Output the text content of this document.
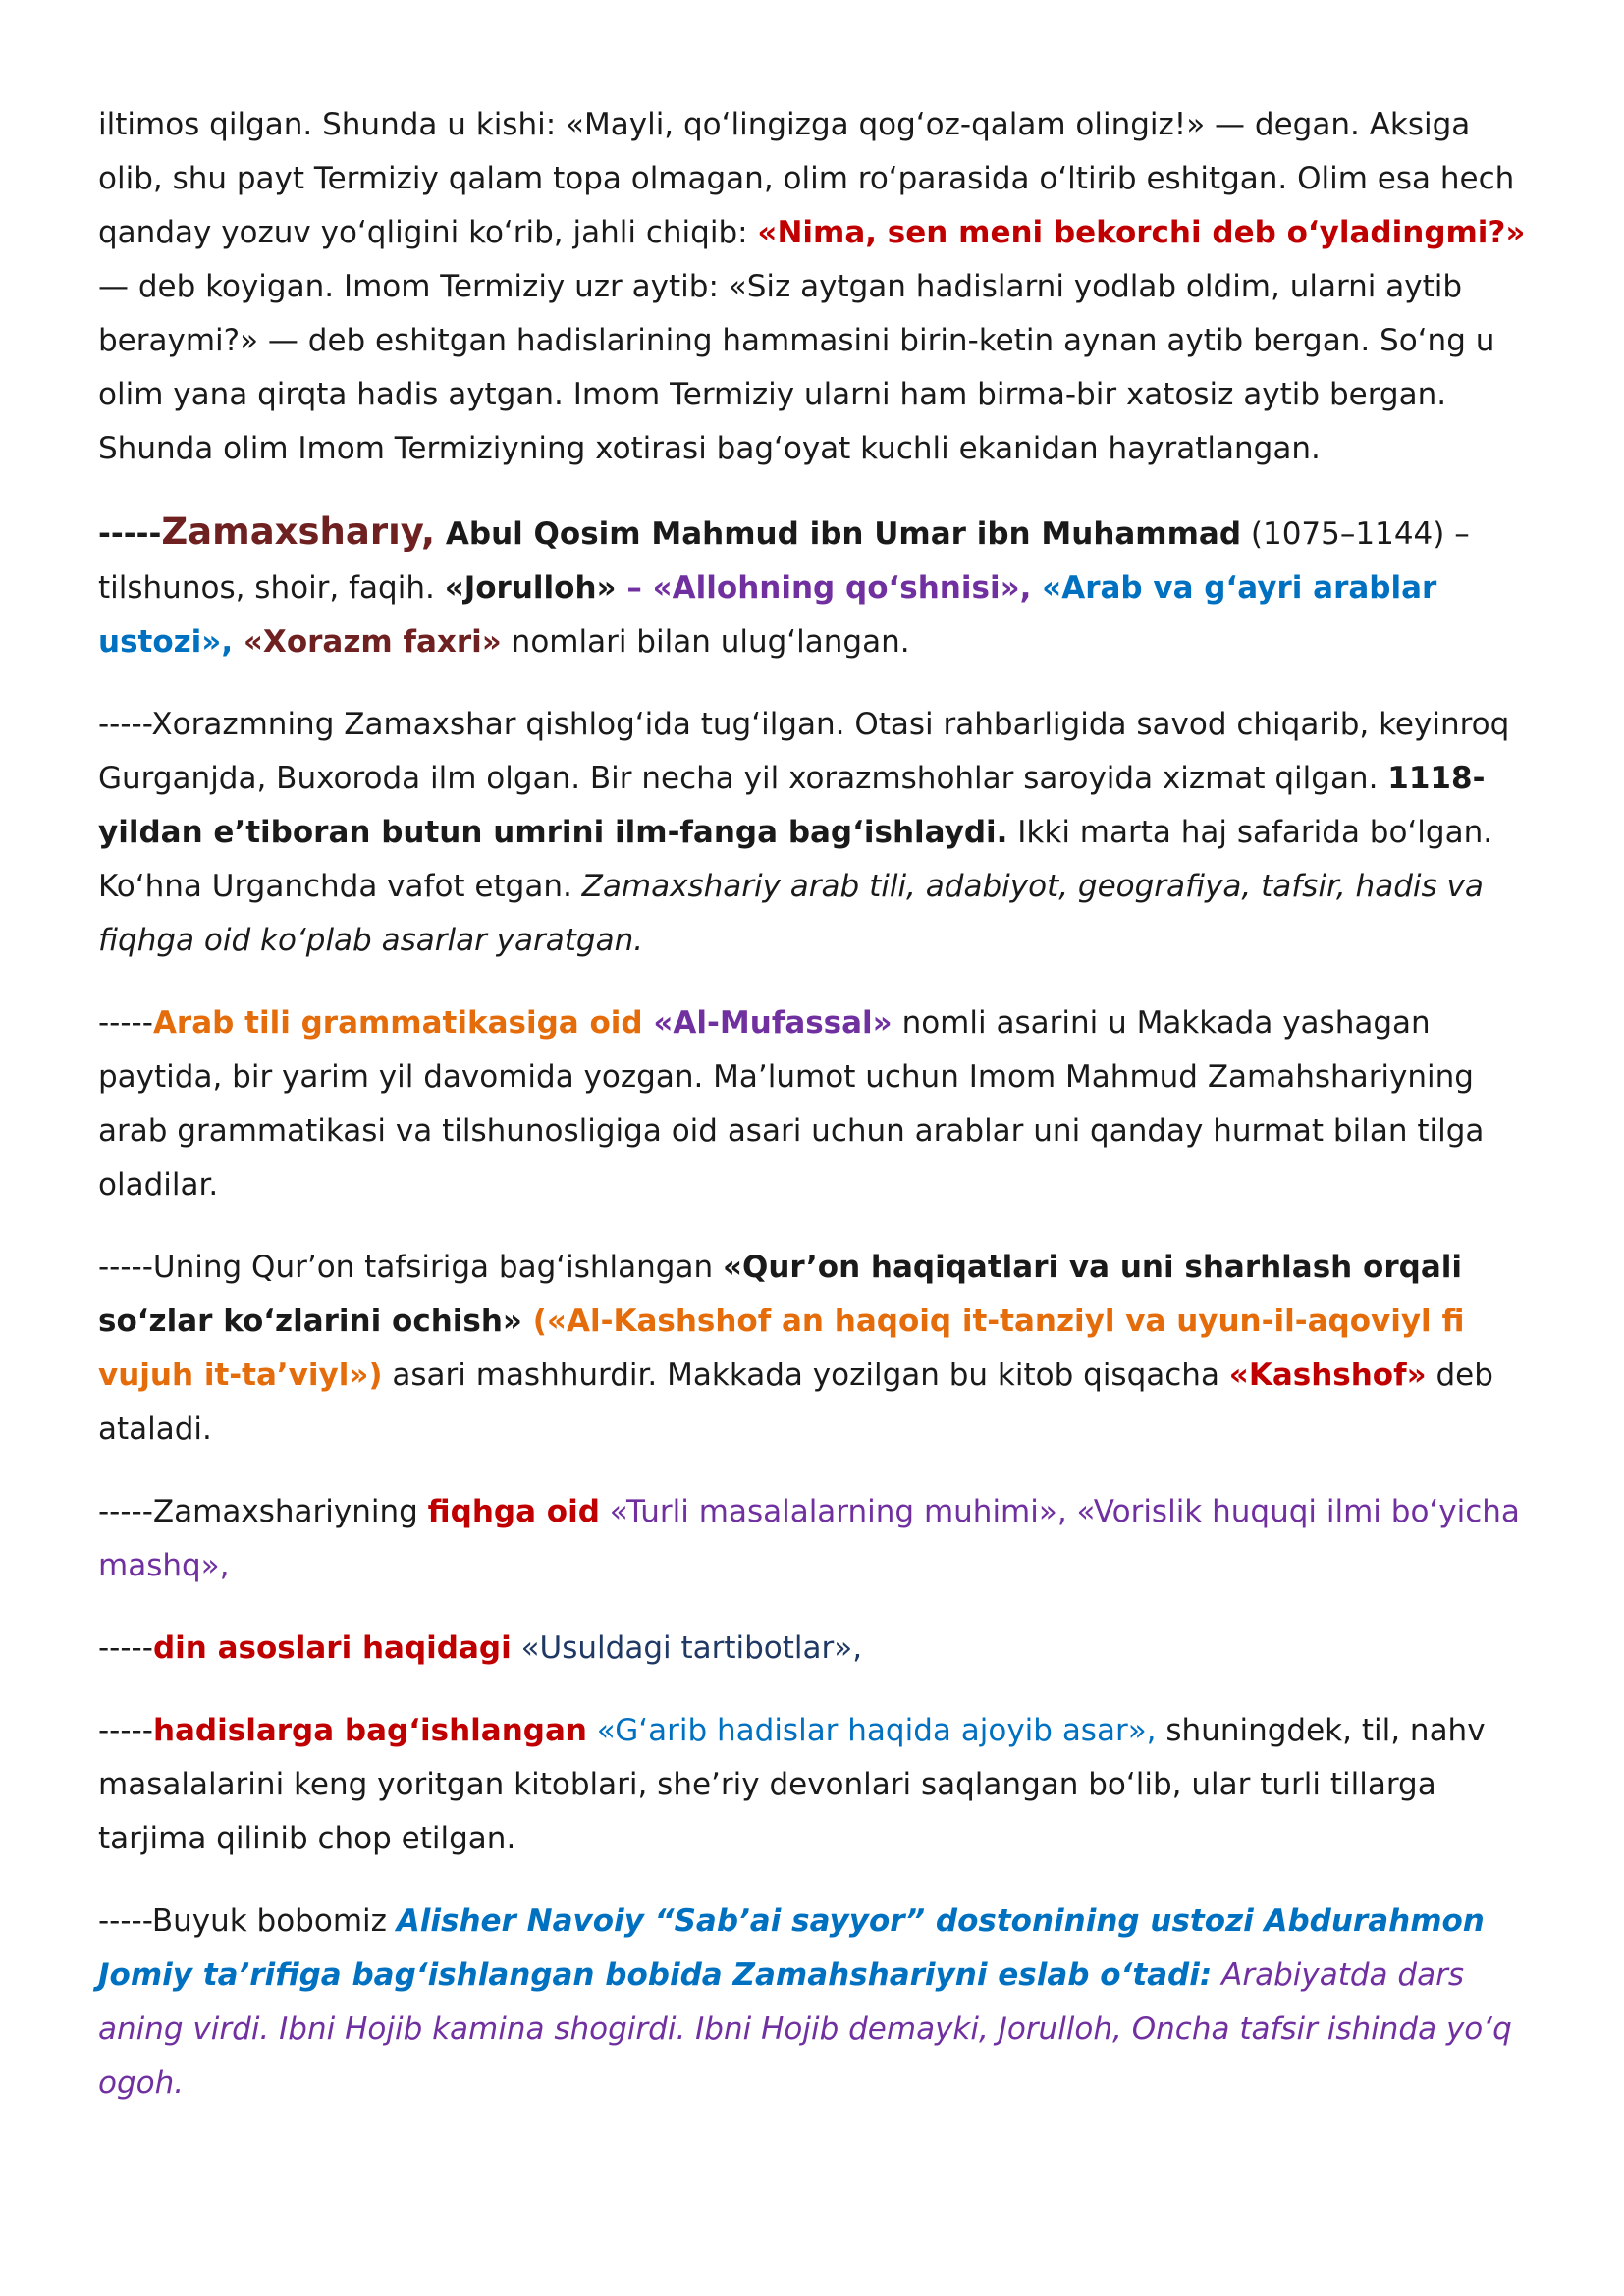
iltimos qilgan. Shunda u kishi: «Mayli, qo‘lingizga qog‘oz-qalam olingiz!» — degan. Aksiga olib, shu payt Termiziy qalam topa olmagan, olim ro‘parasida o‘ltirib eshitgan. Olim esa hech qanday yozuv yo‘qligini ko‘rib, jahli chiqib: «Nima, sen meni bekorchi deb o‘yladingmi?» — deb koyigan. Imom Termiziy uzr aytib: «Siz aytgan hadislarni yodlab oldim, ularni aytib beraymi?» — deb eshitgan hadislarining hammasini birin-ketin aynan aytib bergan. So‘ng u olim yana qirqta hadis aytgan. Imom Termiziy ularni ham birma-bir xatosiz aytib bergan. Shunda olim Imom Termiziyning xotirasi bag‘oyat kuchli ekanidan hayratlangan.

-----Zamaxsharıy, Abul Qosim Mahmud ibn Umar ibn Muhammad (1075–1144) – tilshunos, shoir, faqih. «Jorulloh» – «Allohning qo‘shnisi», «Arab va g‘ayri arablar ustozi», «Xorazm faxri» nomlari bilan ulug‘langan.

-----Xorazmning Zamaxshar qishlog‘ida tug‘ilgan. Otasi rahbarligida savod chiqarib, keyinroq Gurganjda, Buxoroda ilm olgan. Bir necha yil xorazmshohlar saroyida xizmat qilgan. 1118-yildan e’tiboran butun umrini ilm-fanga bag‘ishlaydi. Ikki marta haj safarida bo‘lgan. Ko‘hna Urganchda vafot etgan. Zamaxshariy arab tili, adabiyot, geografiya, tafsir, hadis va fiqhga oid ko‘plab asarlar yaratgan.

-----Arab tili grammatikasiga oid «Al-Mufassal» nomli asarini u Makkada yashagan paytida, bir yarim yil davomida yozgan. Ma’lumot uchun Imom Mahmud Zamahshariyning arab grammatikasi va tilshunosligiga oid asari uchun arablar uni qanday hurmat bilan tilga oladilar.

-----Uning Qur’on tafsiriga bag‘ishlangan «Qur’on haqiqatlari va uni sharhlash orqali so‘zlar ko‘zlarini ochish» («Al-Kashshof an haqoiq it-tanziyl va uyun-il-aqoviyl fi vujuh it-ta’viyl») asari mashhurdir. Makkada yozilgan bu kitob qisqacha «Kashshof» deb ataladi.

-----Zamaxshariyning fiqhga oid «Turli masalalarning muhimi», «Vorislik huquqi ilmi bo‘yicha mashq»,

-----din asoslari haqidagi «Usuldagi tartibotlar»,

-----hadislarga bag‘ishlangan «G‘arib hadislar haqida ajoyib asar», shuningdek, til, nahv masalalarini keng yoritgan kitoblari, she’riy devonlari saqlangan bo‘lib, ular turli tillarga tarjima qilinib chop etilgan.

-----Buyuk bobomiz Alisher Navoiy “Sab’ai sayyor” dostonining ustozi Abdurahmon Jomiy ta’rifiga bag‘ishlangan bobida Zamahshariyni eslab o‘tadi: Arabiyatda dars aning virdi. Ibni Hojib kamina shogirdi. Ibni Hojib demayki, Jorulloh, Oncha tafsir ishinda yo‘q ogoh.
